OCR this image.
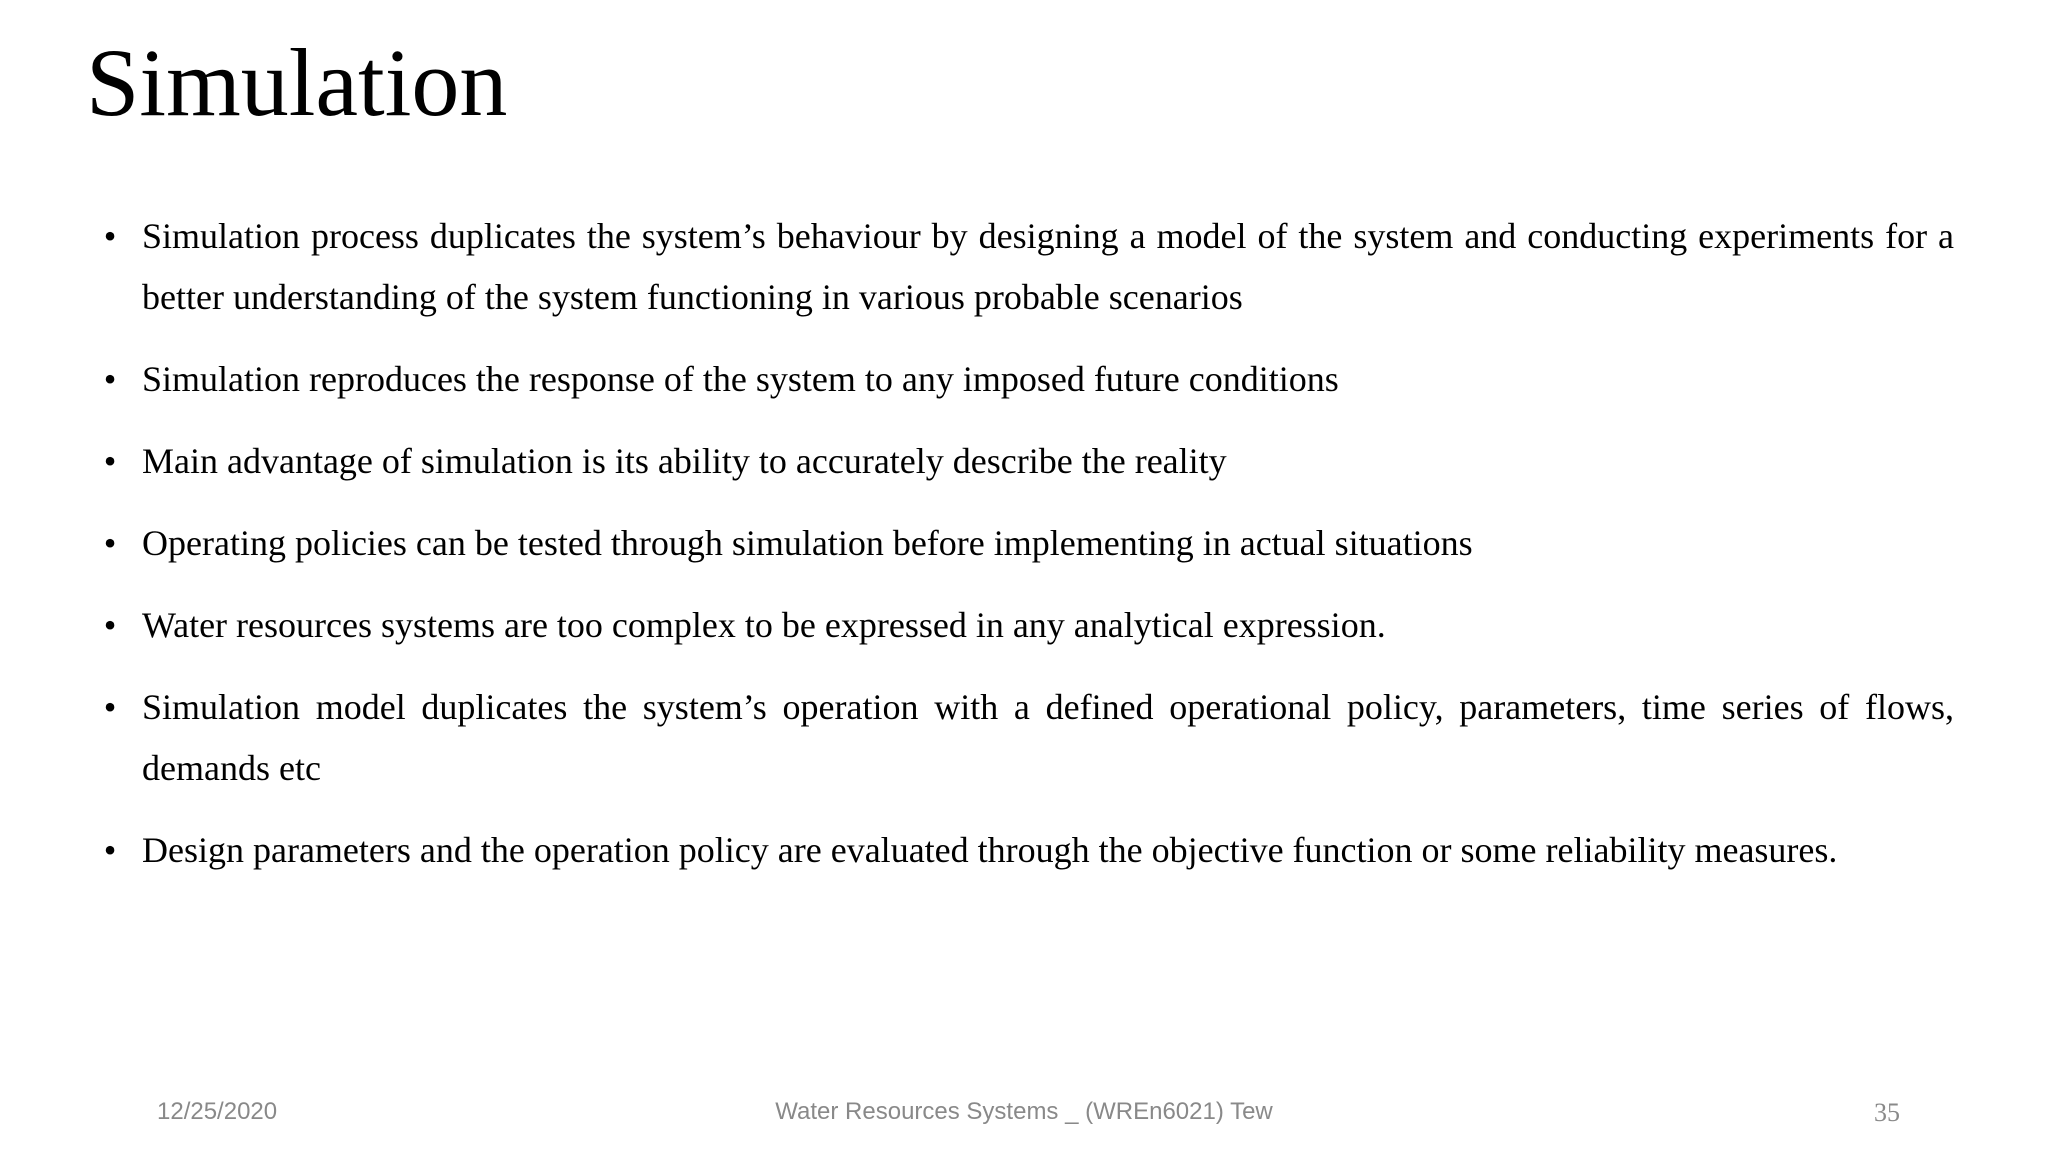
Simulation
• Simulation process duplicates the system’s behaviour by designing a model of the system and conducting experiments for a better understanding of the system functioning in various probable scenarios
• Simulation reproduces the response of the system to any imposed future conditions
• Main advantage of simulation is its ability to accurately describe the reality
• Operating policies can be tested through simulation before implementing in actual situations
• Water resources systems are too complex to be expressed in any analytical expression.
• Simulation model duplicates the system’s operation with a defined operational policy, parameters, time series of flows, demands etc
• Design parameters and the operation policy are evaluated through the objective function or some reliability measures.
12/25/2020	Water Resources Systems _ (WREn6021) Tew	35
